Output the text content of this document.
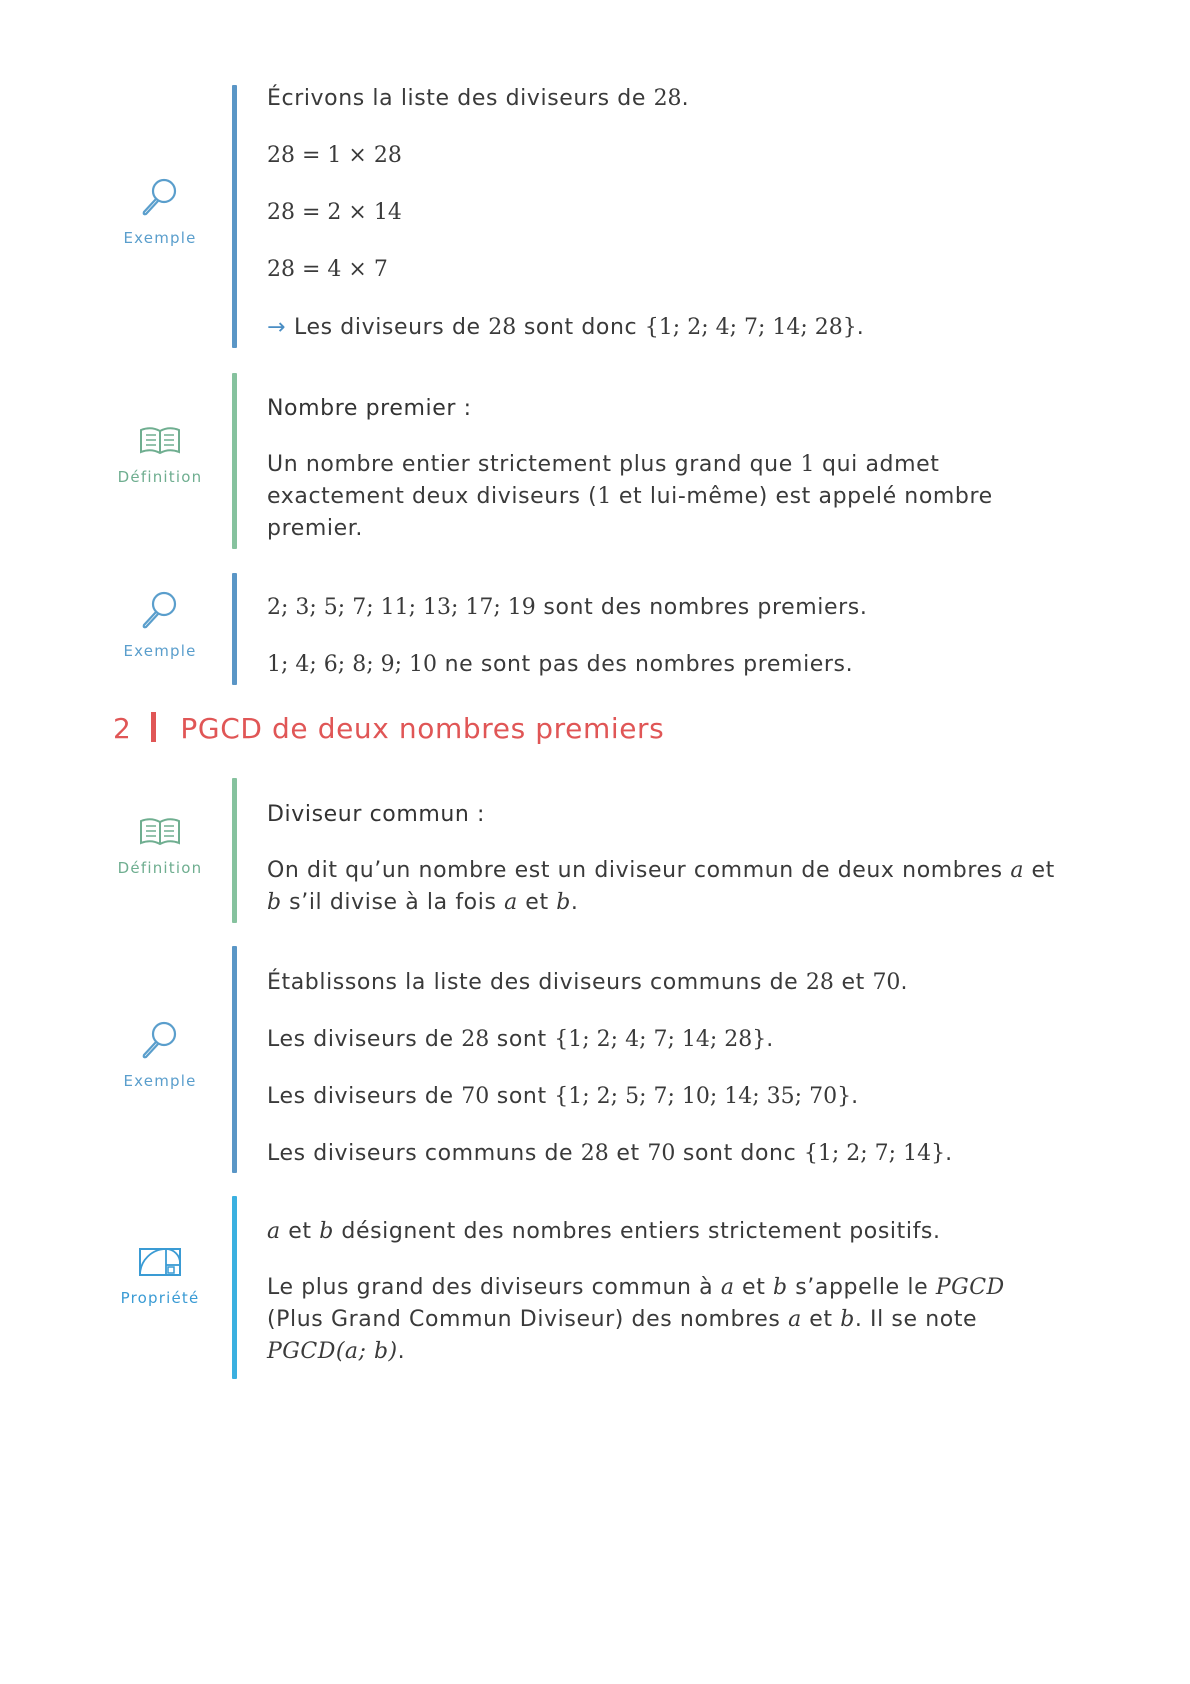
Exemple
Écrivons la liste des diviseurs de 28.
28 = 1 × 28
28 = 2 × 14
28 = 4 × 7
→ Les diviseurs de 28 sont donc {1; 2; 4; 7; 14; 28}.
Définition
Nombre premier :
Un nombre entier strictement plus grand que 1 qui admet exactement deux diviseurs (1 et lui-même) est appelé nombre premier.
Exemple
2; 3; 5; 7; 11; 13; 17; 19 sont des nombres premiers.
1; 4; 6; 8; 9; 10 ne sont pas des nombres premiers.
2 PGCD de deux nombres premiers
Définition
Diviseur commun :
On dit qu’un nombre est un diviseur commun de deux nombres a et b s’il divise à la fois a et b.
Exemple
Établissons la liste des diviseurs communs de 28 et 70.
Les diviseurs de 28 sont {1; 2; 4; 7; 14; 28}.
Les diviseurs de 70 sont {1; 2; 5; 7; 10; 14; 35; 70}.
Les diviseurs communs de 28 et 70 sont donc {1; 2; 7; 14}.
Propriété
a et b désignent des nombres entiers strictement positifs.
Le plus grand des diviseurs commun à a et b s’appelle le PGCD (Plus Grand Commun Diviseur) des nombres a et b. Il se note PGCD(a; b).
